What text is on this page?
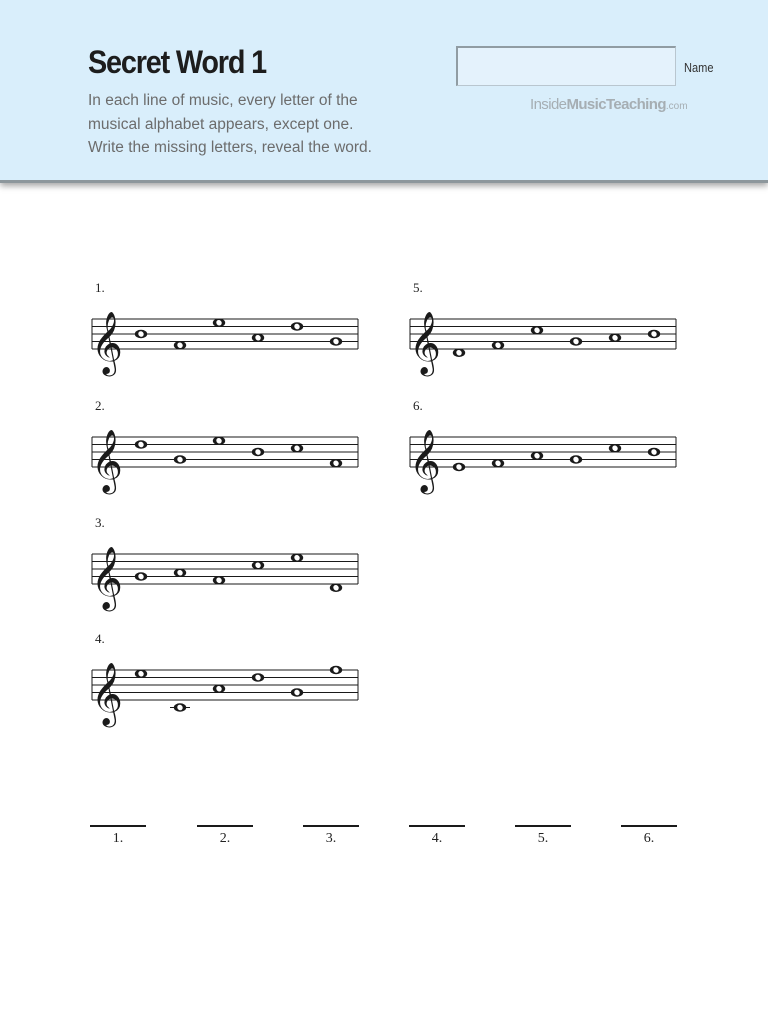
Secret Word 1
In each line of music, every letter of the
musical alphabet appears, except one.
Write the missing letters, reveal the word.
Name
InsideMusicTeaching.com
1.
𝄞
2.
𝄞
3.
𝄞
4.
𝄞
5.
𝄞
6.
𝄞
1.	2.	3.	4.	5.	6.
